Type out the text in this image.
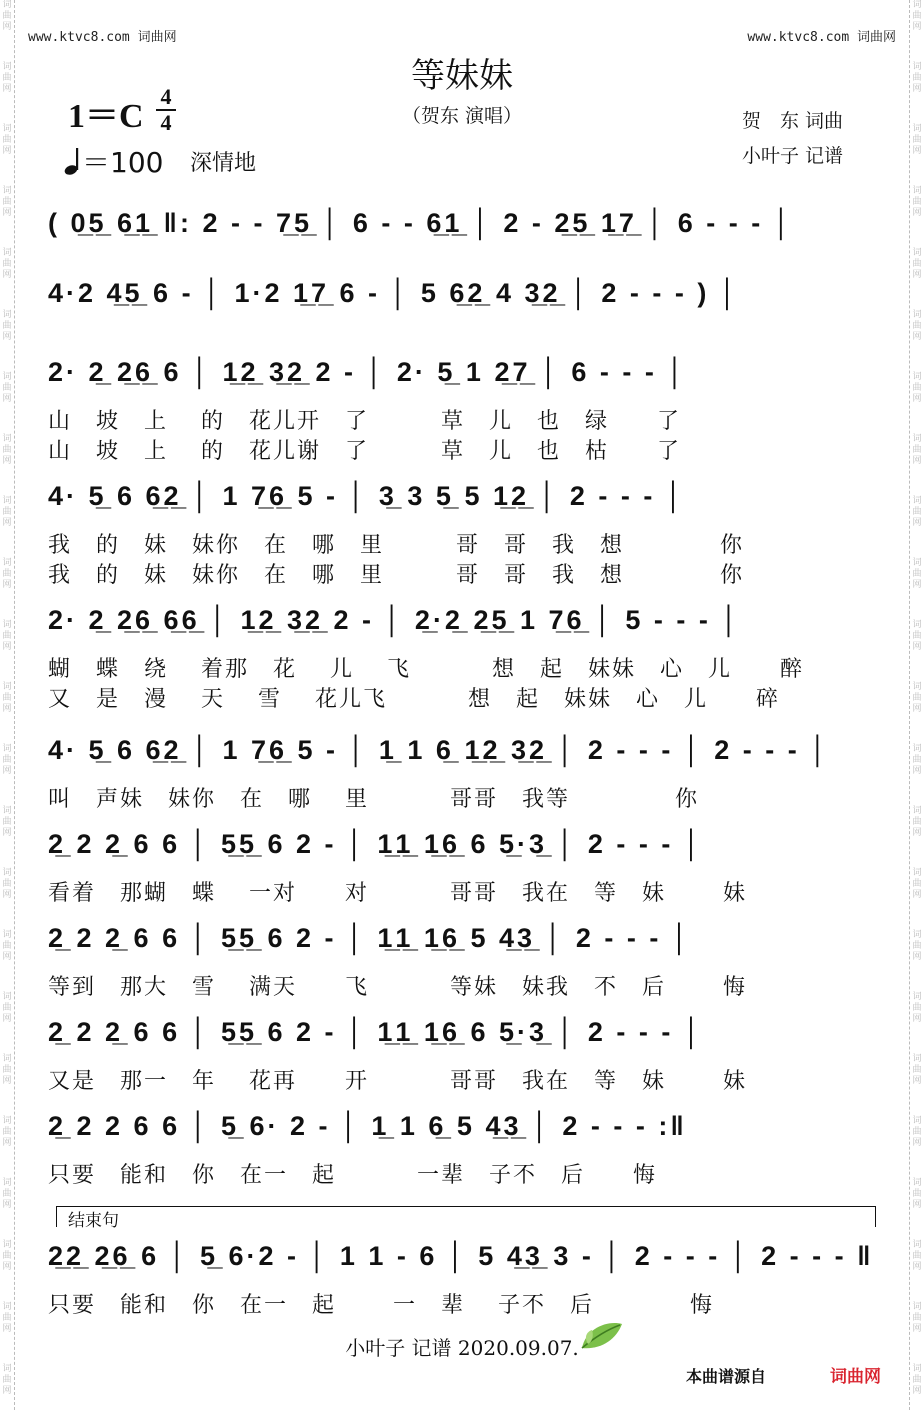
词
曲
网
词
曲
网
词
曲
网
词
曲
网
词
曲
网
词
曲
网
词
曲
网
词
曲
网
词
曲
网
词
曲
网
词
曲
网
词
曲
网
词
曲
网
词
曲
网
词
曲
网
词
曲
网
词
曲
网
词
曲
网
词
曲
网
词
曲
网
词
曲
网
词
曲
网
词
曲
网
词
曲
网
词
曲
网
词
曲
网
词
曲
网
词
曲
网
词
曲
网
词
曲
网
词
曲
网
词
曲
网
词
曲
网
词
曲
网
词
曲
网
词
曲
网
词
曲
网
词
曲
网
词
曲
网
词
曲
网
词
曲
网
词
曲
网
词
曲
网
词
曲
网
词
曲
网
词
曲
网
www.ktvc8.com 词曲网	www.ktvc8.com 词曲网
等妹妹
（贺东 演唱）
1＝C
4
4
＝100 深情地
贺　东 词曲
小叶子 记谱
( 0̲5̲ 6̲1̲ ‖: 2 - - 7̲5̲ │ 6 - - 6̲1̲ │ 2 - 2̲5̲ 1̲7̲ │ 6 - - - │
4·2 4̲5̲ 6 - │ 1·2 1̲7̲ 6 - │ 5 6̲2̲ 4 3̲2̲ │ 2 - - - ) │
2· 2̲ 2̲6̲ 6 │ 1̲2̲ 3̲2̲ 2 - │ 2· 5̲ 1 2̲7̲ │ 6 - - - │
山　坡　上　 的　花儿开　了　　　草　儿　也　绿　　了
山　坡　上　 的　花儿谢　了　　　草　儿　也　枯　　了
4· 5̲ 6 6̲2̲ │ 1 7̲6̲ 5 - │ 3̲ 3 5̲ 5 1̲2̲ │ 2 - - - │
我　的　妹　妹你　在　哪　里　　　哥　哥　我　想　　　　你
我　的　妹　妹你　在　哪　里　　　哥　哥　我　想　　　　你
2· 2̲ 2̲6̲ 6̲6̲ │ 1̲2̲ 3̲2̲ 2 - │ 2̲·2̲ 2̲5̲ 1 7̲6̲ │ 5 - - - │
蝴　蝶　绕　 着那　花　 儿　 飞　　　 想　起　妹妹　心　儿　　醉
又　是　漫　 天　 雪　 花儿飞　　　 想　起　妹妹　心　儿　　碎
4· 5̲ 6 6̲2̲ │ 1 7̲6̲ 5 - │ 1̲ 1 6̲ 1̲2̲ 3̲2̲ │ 2 - - - │ 2 - - - │
叫　声妹　妹你　在　哪　 里　　　 哥哥　我等　　　　 你
2̲ 2 2̲ 6 6 │ 5̲5̲ 6 2 - │ 1̲1̲ 1̲6̲ 6 5̲·3̲ │ 2 - - - │
看着　那蝴　蝶　 一对　　对　　　 哥哥　我在　等　妹　　 妹
2̲ 2 2̲ 6 6 │ 5̲5̲ 6 2 - │ 1̲1̲ 1̲6̲ 5 4̲3̲ │ 2 - - - │
等到　那大　雪　 满天　　飞　　　 等妹　妹我　不　后　　 悔
2̲ 2 2̲ 6 6 │ 5̲5̲ 6 2 - │ 1̲1̲ 1̲6̲ 6 5̲·3̲ │ 2 - - - │
又是　那一　年　 花再　　开　　　 哥哥　我在　等　妹　　 妹
2̲ 2 2 6 6 │ 5̲ 6· 2 - │ 1̲ 1 6̲ 5 4̲3̲ │ 2 - - - :‖
只要　能和　你　在一　起　　　 一辈　子不　后　　悔
2̲2̲ 2̲6̲ 6 │ 5̲ 6·2 - │ 1 1 - 6 │ 5 4̲3̲ 3 - │ 2 - - - │ 2 - - - ‖
只要　能和　你　在一　起　　 一　辈　 子不　后　　　　悔
结束句
小叶子 记谱 2020.09.07.
本曲谱源自	词曲网
